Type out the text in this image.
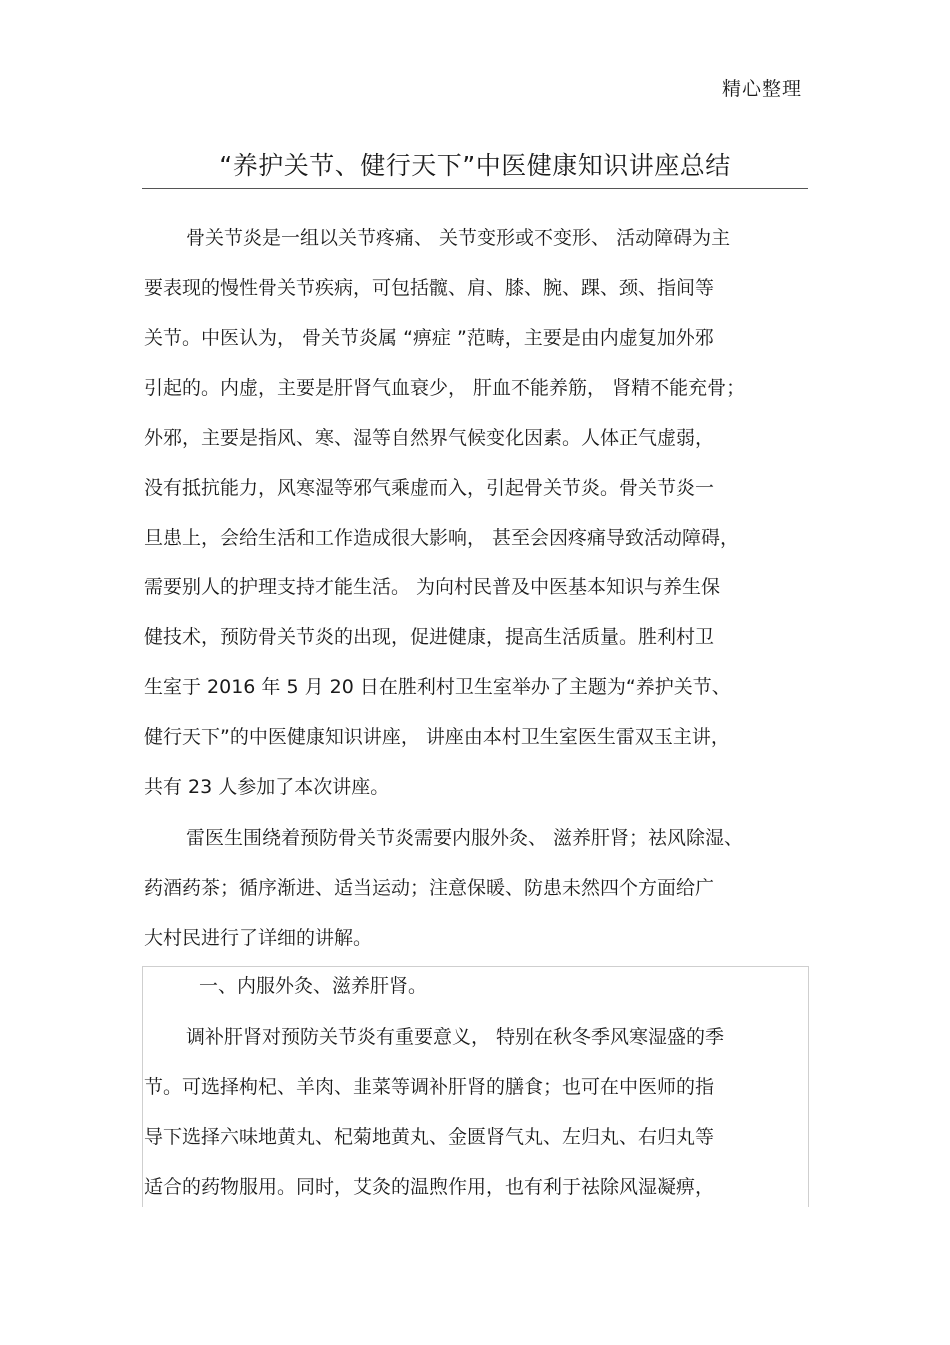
精心整理
“养护关节、健行天下”中医健康知识讲座总结
骨关节炎是一组以关节疼痛、 关节变形或不变形、 活动障碍为主
要表现的慢性骨关节疾病，可包括髋、肩、膝、腕、踝、颈、指间等
关节。中医认为， 骨关节炎属 “痹症 ”范畴，主要是由内虚复加外邪
引起的。内虚，主要是肝肾气血衰少， 肝血不能养筋， 肾精不能充骨；
外邪，主要是指风、寒、湿等自然界气候变化因素。人体正气虚弱，
没有抵抗能力，风寒湿等邪气乘虚而入，引起骨关节炎。骨关节炎一
旦患上，会给生活和工作造成很大影响， 甚至会因疼痛导致活动障碍，
需要别人的护理支持才能生活。 为向村民普及中医基本知识与养生保
健技术，预防骨关节炎的出现，促进健康，提高生活质量。胜利村卫
生室于 2016 年 5 月 20 日在胜利村卫生室举办了主题为“养护关节、
健行天下”的中医健康知识讲座， 讲座由本村卫生室医生雷双玉主讲，
共有 23 人参加了本次讲座。
雷医生围绕着预防骨关节炎需要内服外灸、 滋养肝肾；祛风除湿、
药酒药茶；循序渐进、适当运动；注意保暖、防患未然四个方面给广
大村民进行了详细的讲解。
一、内服外灸、滋养肝肾。
调补肝肾对预防关节炎有重要意义， 特别在秋冬季风寒湿盛的季
节。可选择枸杞、羊肉、韭菜等调补肝肾的膳食；也可在中医师的指
导下选择六味地黄丸、杞菊地黄丸、金匮肾气丸、左归丸、右归丸等
适合的药物服用。同时，艾灸的温煦作用，也有利于祛除风湿凝痹，
